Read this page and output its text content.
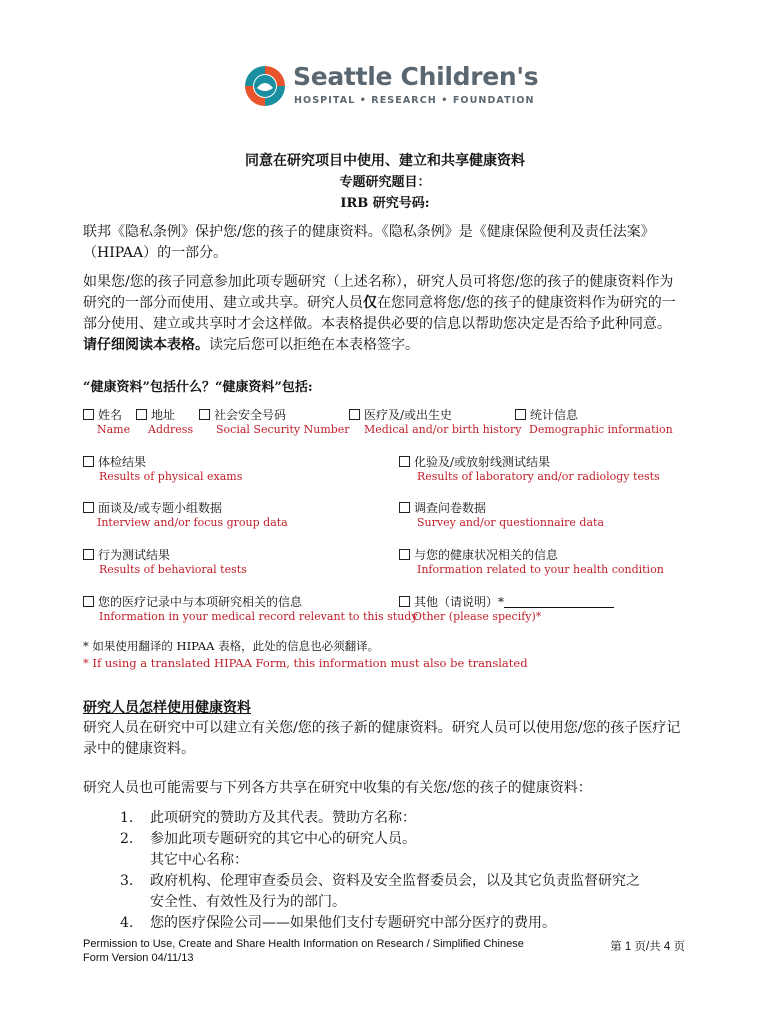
Seattle Children's
HOSPITAL • RESEARCH • FOUNDATION
同意在研究项目中使用、建立和共享健康资料
专题研究题目：
IRB 研究号码:
联邦《隐私条例》保护您/您的孩子的健康资料。《隐私条例》是《健康保险便利及责任法案》（HIPAA）的一部分。
如果您/您的孩子同意参加此项专题研究（上述名称），研究人员可将您/您的孩子的健康资料作为研究的一部分而使用、建立或共享。研究人员仅在您同意将您/您的孩子的健康资料作为研究的一部分使用、建立或共享时才会这样做。本表格提供必要的信息以帮助您决定是否给予此种同意。请仔细阅读本表格。读完后您可以拒绝在本表格签字。
“健康资料”包括什么？“健康资料”包括:
姓名
Name
地址
Address
社会安全号码
Social Security Number
医疗及/或出生史
Medical and/or birth history
统计信息
Demographic information
体检结果
Results of physical exams
化验及/或放射线测试结果
Results of laboratory and/or radiology tests
面谈及/或专题小组数据
Interview and/or focus group data
调查问卷数据
Survey and/or questionnaire data
行为测试结果
Results of behavioral tests
与您的健康状况相关的信息
Information related to your health condition
您的医疗记录中与本项研究相关的信息
Information in your medical record relevant to this study
其他（请说明）*
Other (please specify)*
* 如果使用翻译的 HIPAA 表格，此处的信息也必须翻译。
* If using a translated HIPAA Form, this information must also be translated
研究人员怎样使用健康资料
研究人员在研究中可以建立有关您/您的孩子新的健康资料。研究人员可以使用您/您的孩子医疗记录中的健康资料。
研究人员也可能需要与下列各方共享在研究中收集的有关您/您的孩子的健康资料：
1. 此项研究的赞助方及其代表。赞助方名称：
2. 参加此项专题研究的其它中心的研究人员。
其它中心名称：
3. 政府机构、伦理审查委员会、资料及安全监督委员会，以及其它负责监督研究之
安全性、有效性及行为的部门。
4. 您的医疗保险公司——如果他们支付专题研究中部分医疗的费用。
Permission to Use, Create and Share Health Information on Research / Simplified Chinese
Form Version 04/11/13
第 1 页/共 4 页
